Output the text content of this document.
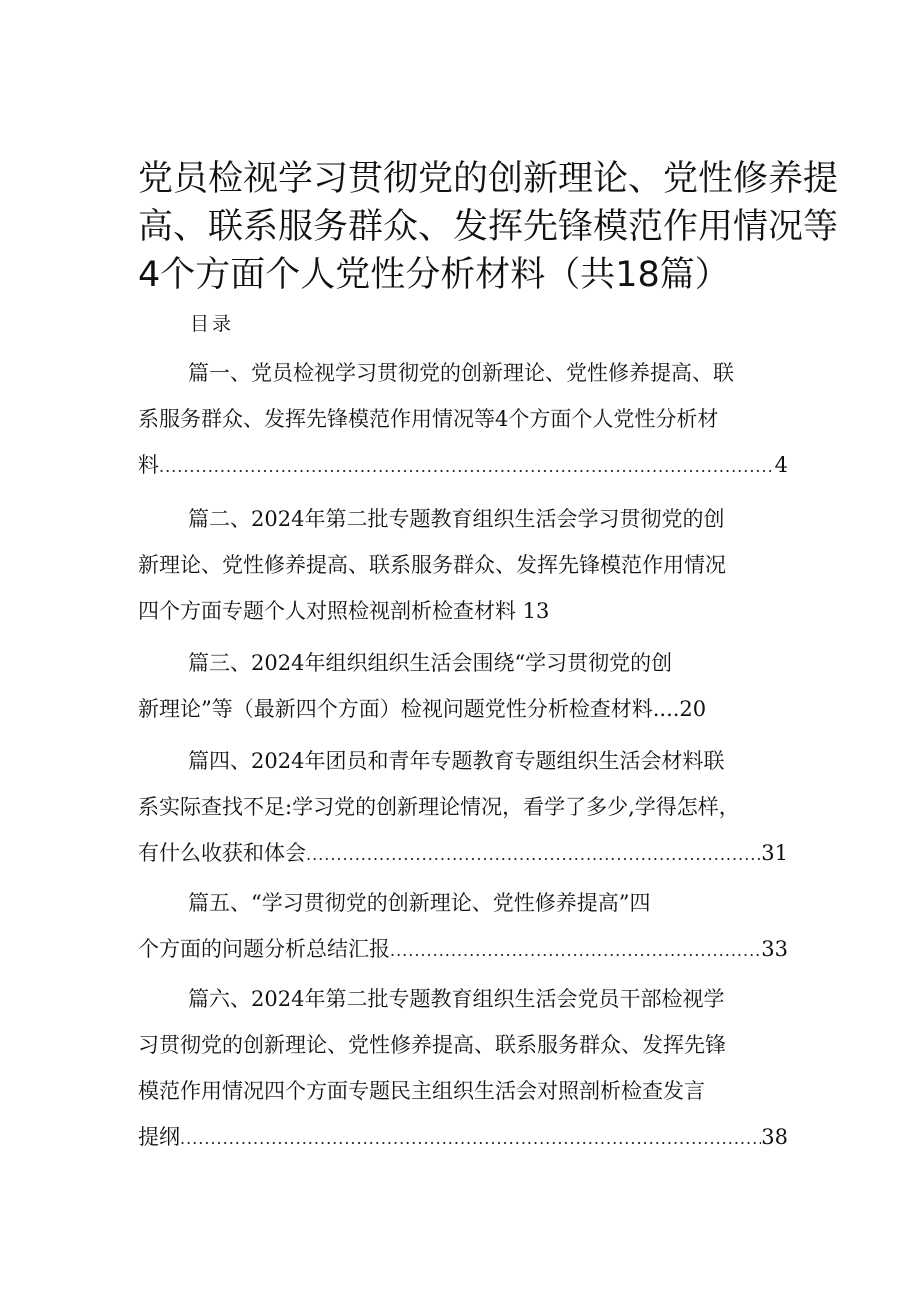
党员检视学习贯彻党的创新理论、党性修养提
高、联系服务群众、发挥先锋模范作用情况等
4个方面个人党性分析材料（共18篇）
目录
篇一、党员检视学习贯彻党的创新理论、党性修养提高、联
系服务群众、发挥先锋模范作用情况等4个方面个人党性分析材
料 .....	4
篇二、2024年第二批专题教育组织生活会学习贯彻党的创
新理论、党性修养提高、联系服务群众、发挥先锋模范作用情况
四个方面专题个人对照检视剖析检查材料 13
篇三、2024年组织组织生活会围绕“学习贯彻党的创
新理论”等（最新四个方面）检视问题党性分析检查材料....20
篇四、2024年团员和青年专题教育专题组织生活会材料联
系实际查找不足:学习党的创新理论情况，看学了多少,学得怎样，
有什么收获和体会 .....	31
篇五、“学习贯彻党的创新理论、党性修养提高”四
个方面的问题分析总结汇报 .....	33
篇六、2024年第二批专题教育组织生活会党员干部检视学
习贯彻党的创新理论、党性修养提高、联系服务群众、发挥先锋
模范作用情况四个方面专题民主组织生活会对照剖析检查发言
提纲 .....	38
